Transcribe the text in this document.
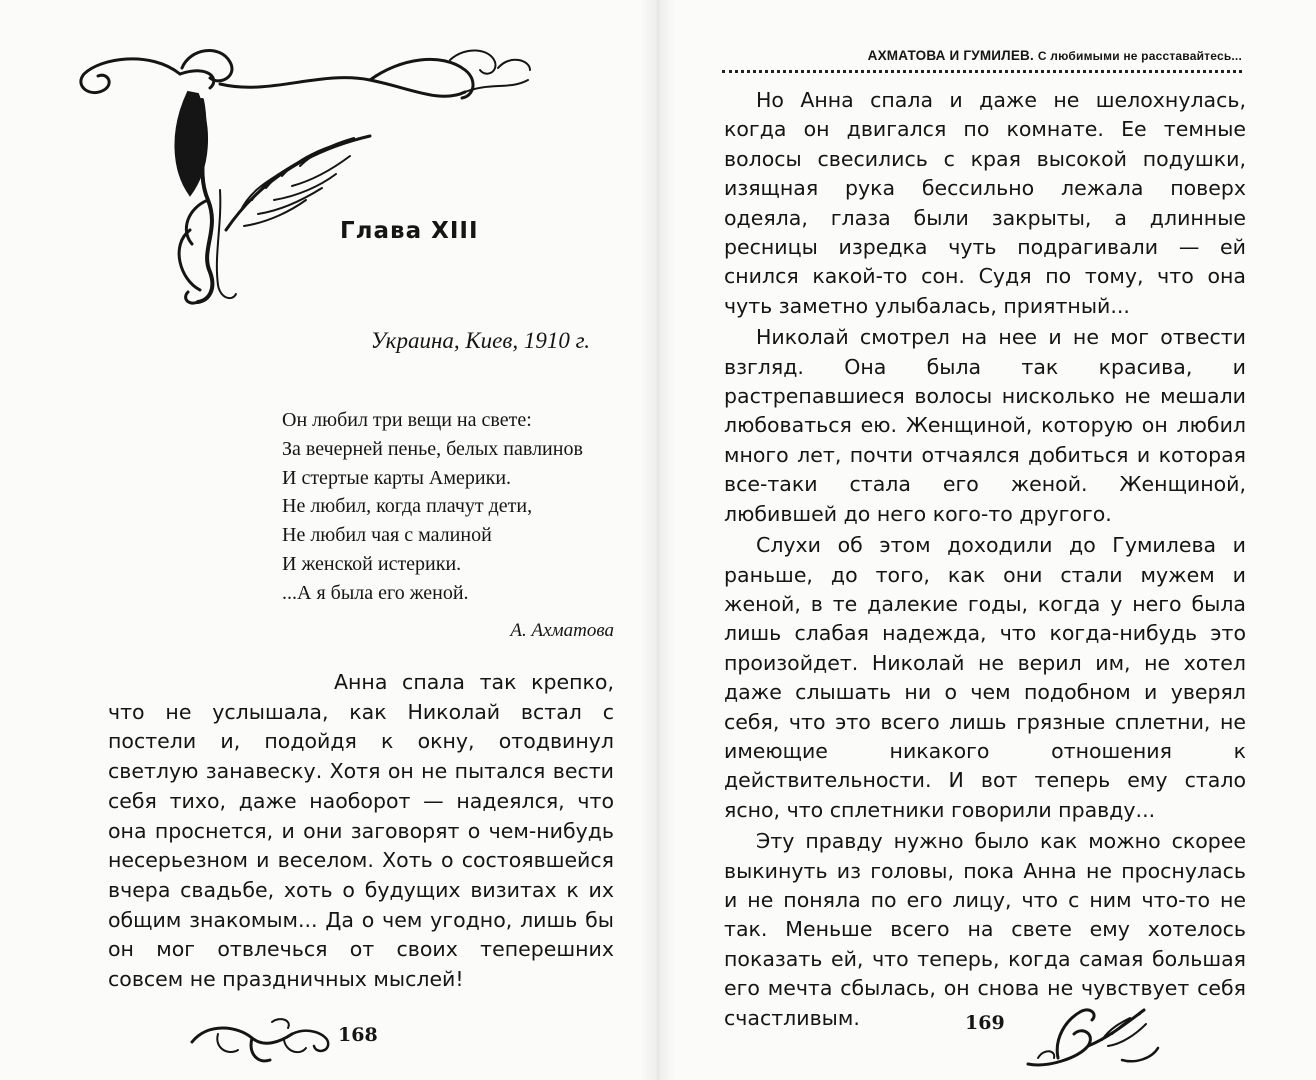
Глава XIII
Украина, Киев, 1910 г.
Он любил три вещи на свете:
За вечерней пенье, белых павлинов
И стертые карты Америки.
Не любил, когда плачут дети,
Не любил чая с малиной
И женской истерики.
...А я была его женой.
А. Ахматова

Анна спала так крепко, что не услышала, как Николай встал с постели и, подойдя к окну, отодвинул светлую занавеску. Хотя он не пытался вести себя тихо, даже наоборот — надеялся, что она проснется, и они заговорят о чем-нибудь несерьезном и веселом. Хоть о состоявшейся вчера свадьбе, хоть о будущих визитах к их общим знакомым... Да о чем угодно, лишь бы он мог отвлечься от своих теперешних совсем не праздничных мыслей!

168
АХМАТОВА И ГУМИЛЕВ. С любимыми не расставайтесь...

Но Анна спала и даже не шелохнулась, когда он двигался по комнате. Ее темные волосы свесились с края высокой подушки, изящная рука бессильно лежала поверх одеяла, глаза были закрыты, а длинные ресницы изредка чуть подрагивали — ей снился какой-то сон. Судя по тому, что она чуть заметно улыбалась, приятный...

Николай смотрел на нее и не мог отвести взгляд. Она была так красива, и растрепавшиеся волосы нисколько не мешали любоваться ею. Женщиной, которую он любил много лет, почти отчаялся добиться и которая все-таки стала его женой. Женщиной, любившей до него кого-то другого.

Слухи об этом доходили до Гумилева и раньше, до того, как они стали мужем и женой, в те далекие годы, когда у него была лишь слабая надежда, что когда-нибудь это произойдет. Николай не верил им, не хотел даже слышать ни о чем подобном и уверял себя, что это всего лишь грязные сплетни, не имеющие никакого отношения к действительности. И вот теперь ему стало ясно, что сплетники говорили правду...

Эту правду нужно было как можно скорее выкинуть из головы, пока Анна не проснулась и не поняла по его лицу, что с ним что-то не так. Меньше всего на свете ему хотелось показать ей, что теперь, когда самая большая его мечта сбылась, он снова не чувствует себя счастливым.	169
